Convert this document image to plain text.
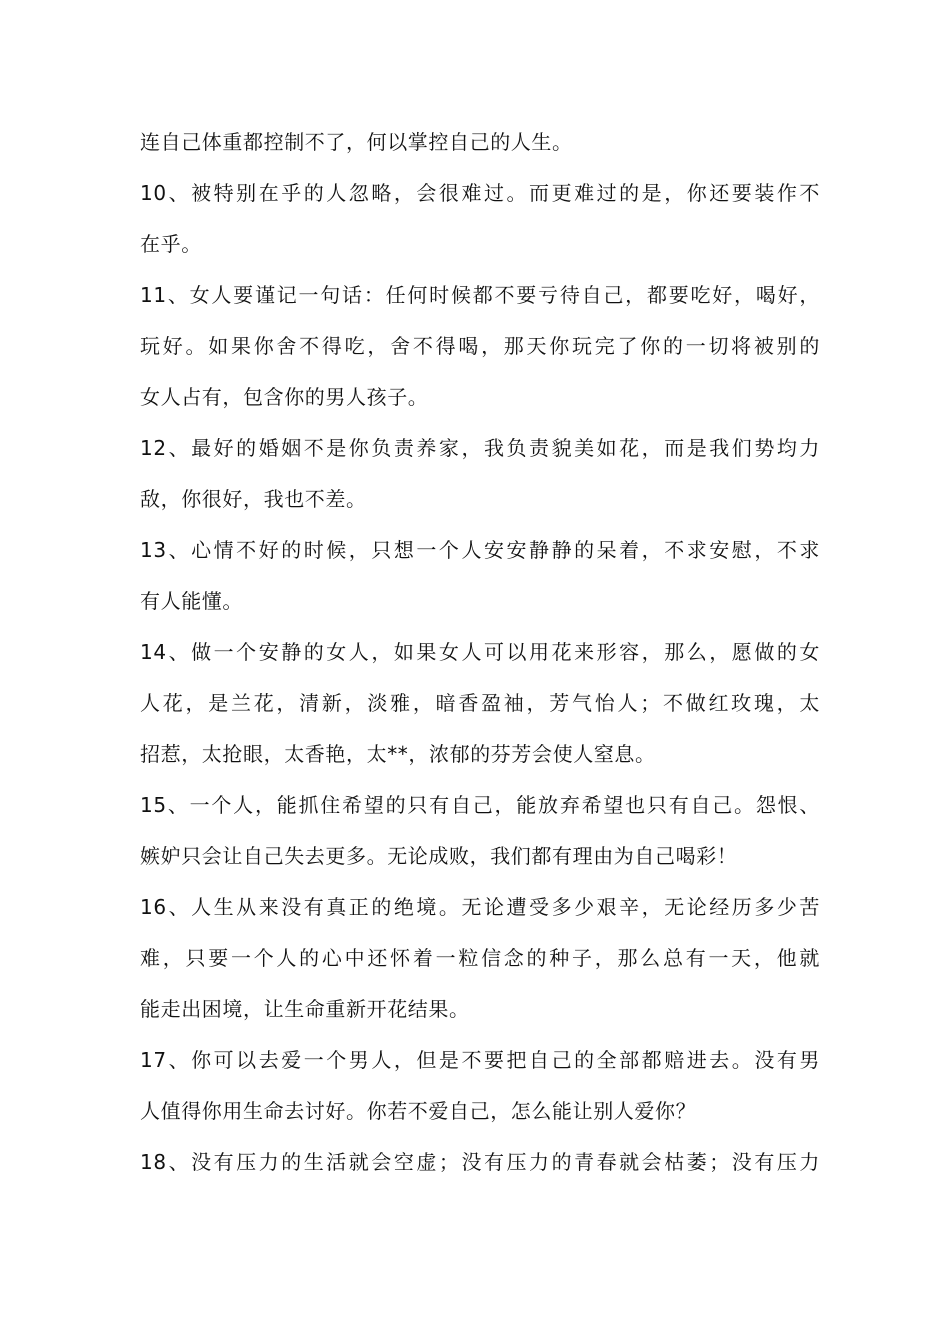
连自己体重都控制不了，何以掌控自己的人生。
10、被特别在乎的人忽略，会很难过。而更难过的是，你还要装作不
在乎。
11、女人要谨记一句话：任何时候都不要亏待自己，都要吃好，喝好，
玩好。如果你舍不得吃，舍不得喝，那天你玩完了你的一切将被别的
女人占有，包含你的男人孩子。
12、最好的婚姻不是你负责养家，我负责貌美如花，而是我们势均力
敌，你很好，我也不差。
13、心情不好的时候，只想一个人安安静静的呆着，不求安慰，不求
有人能懂。
14、做一个安静的女人，如果女人可以用花来形容，那么，愿做的女
人花，是兰花，清新，淡雅，暗香盈袖，芳气怡人；不做红玫瑰，太
招惹，太抢眼，太香艳，太**，浓郁的芬芳会使人窒息。
15、一个人，能抓住希望的只有自己，能放弃希望也只有自己。怨恨、
嫉妒只会让自己失去更多。无论成败，我们都有理由为自己喝彩！
16、人生从来没有真正的绝境。无论遭受多少艰辛，无论经历多少苦
难，只要一个人的心中还怀着一粒信念的种子，那么总有一天，他就
能走出困境，让生命重新开花结果。
17、你可以去爱一个男人，但是不要把自己的全部都赔进去。没有男
人值得你用生命去讨好。你若不爱自己，怎么能让别人爱你？
18、没有压力的生活就会空虚；没有压力的青春就会枯萎；没有压力
